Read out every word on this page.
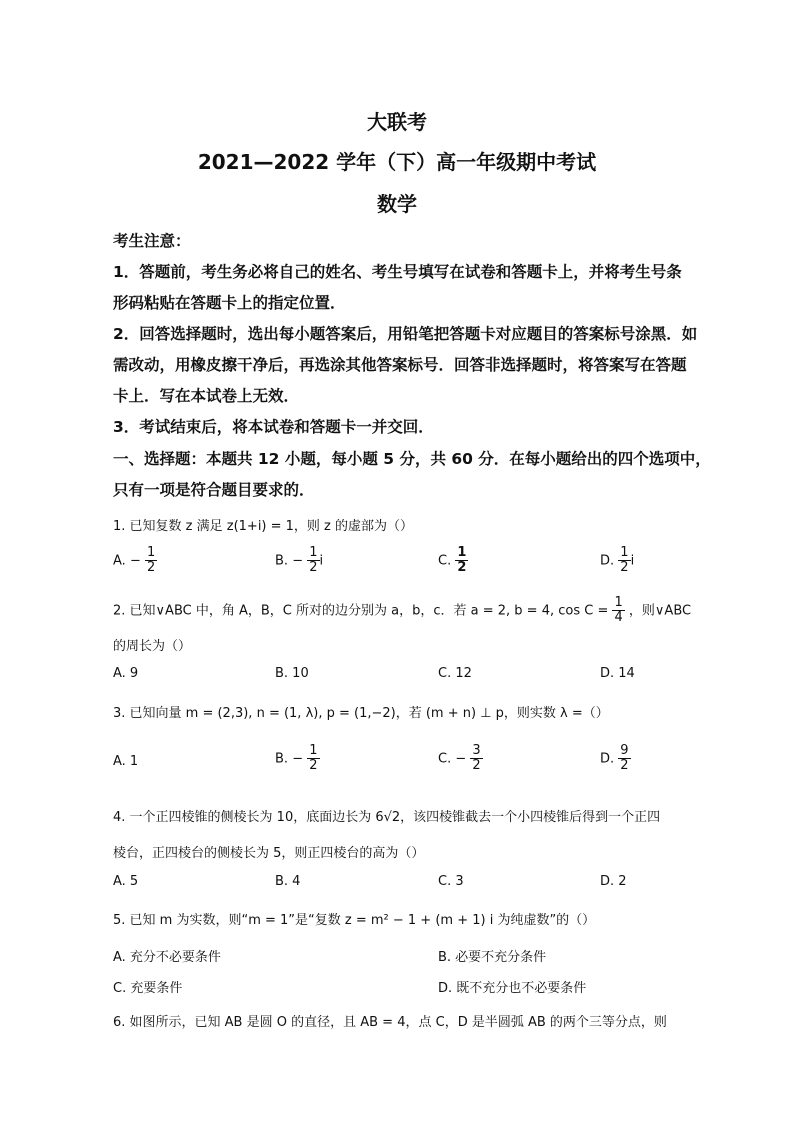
大联考
2021—2022 学年（下）高一年级期中考试
数学
考生注意：
1．答题前，考生务必将自己的姓名、考生号填写在试卷和答题卡上，并将考生号条
形码粘贴在答题卡上的指定位置．
2．回答选择题时，选出每小题答案后，用铅笔把答题卡对应题目的答案标号涂黑．如
需改动，用橡皮擦干净后，再选涂其他答案标号．回答非选择题时，将答案写在答题
卡上．写在本试卷上无效．
3．考试结束后，将本试卷和答题卡一并交回．
一、选择题：本题共 12 小题，每小题 5 分，共 60 分．在每小题给出的四个选项中，
只有一项是符合题目要求的．
1. 已知复数 z 满足 z(1+i) = 1，则 z 的虚部为（）
A. − $\frac{1}{2}$	B. − $\frac{1}{2}$ i	C. $\frac{1}{2}$	D. $\frac{1}{2}$ i
2. 已知∨ABC 中，角 A，B，C 所对的边分别为 a，b，c．若 a = 2, b = 4, $\cos C = \frac{1}{4}$ ，则∨ABC
的周长为（）
A. 9	B. 10	C. 12	D. 14
3. 已知向量 m = (2,3), n = (1, λ), p = (1,−2)，若 (m + n) ⊥ p，则实数 λ =（）
A. 1	B. − $\frac{1}{2}$	C. − $\frac{3}{2}$	D. $\frac{9}{2}$
4. 一个正四棱锥的侧棱长为 10，底面边长为 6√2，该四棱锥截去一个小四棱锥后得到一个正四
棱台，正四棱台的侧棱长为 5，则正四棱台的高为（）
A. 5	B. 4	C. 3	D. 2
5. 已知 m 为实数，则“m = 1”是“复数 z = m² − 1 + (m + 1) i 为纯虚数”的（）
A. 充分不必要条件	B. 必要不充分条件
C. 充要条件	D. 既不充分也不必要条件
6. 如图所示，已知 AB 是圆 O 的直径，且 AB = 4，点 C，D 是半圆弧 AB 的两个三等分点，则
